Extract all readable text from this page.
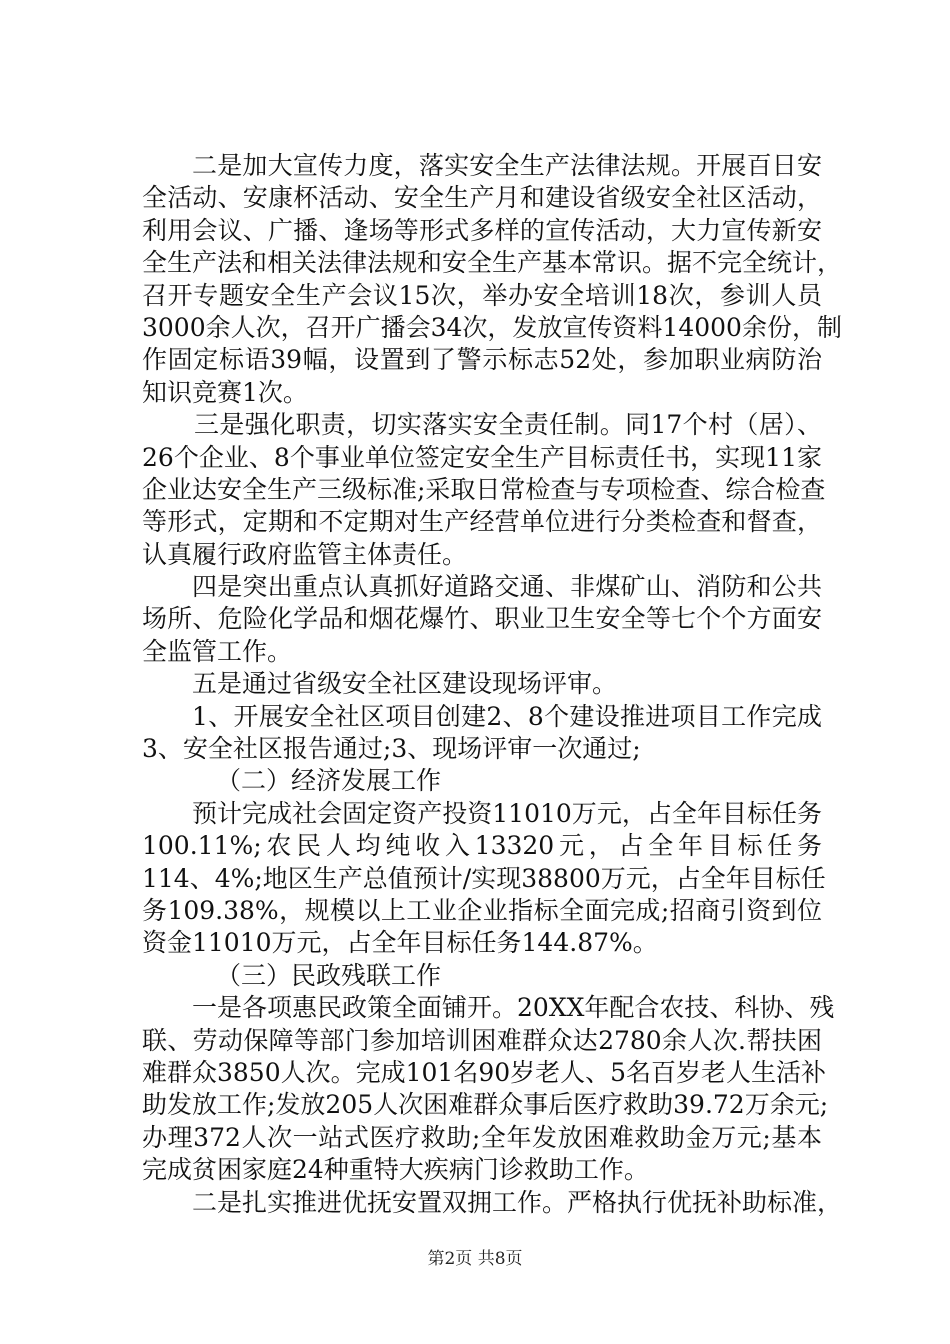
二是加大宣传力度，落实安全生产法律法规。开展百日安
全活动、安康杯活动、安全生产月和建设省级安全社区活动，
利用会议、广播、逢场等形式多样的宣传活动，大力宣传新安
全生产法和相关法律法规和安全生产基本常识。据不完全统计，
召开专题安全生产会议15次，举办安全培训18次，参训人员
3000余人次，召开广播会34次，发放宣传资料14000余份，制
作固定标语39幅，设置到了警示标志52处，参加职业病防治
知识竞赛1次。
三是强化职责，切实落实安全责任制。同17个村（居）、
26个企业、8个事业单位签定安全生产目标责任书，实现11家
企业达安全生产三级标准;采取日常检查与专项检查、综合检查
等形式，定期和不定期对生产经营单位进行分类检查和督查，
认真履行政府监管主体责任。
四是突出重点认真抓好道路交通、非煤矿山、消防和公共
场所、危险化学品和烟花爆竹、职业卫生安全等七个个方面安
全监管工作。
五是通过省级安全社区建设现场评审。
1、开展安全社区项目创建2、8个建设推进项目工作完成
3、安全社区报告通过;3、现场评审一次通过;
（二）经济发展工作
预计完成社会固定资产投资11010万元，占全年目标任务
100.11%;农民人均纯收入13320元，占全年目标任务
114、4%;地区生产总值预计/实现38800万元，占全年目标任
务109.38%，规模以上工业企业指标全面完成;招商引资到位
资金11010万元，占全年目标任务144.87%。
（三）民政残联工作
一是各项惠民政策全面铺开。20XX年配合农技、科协、残
联、劳动保障等部门参加培训困难群众达2780余人次.帮扶困
难群众3850人次。完成101名90岁老人、5名百岁老人生活补
助发放工作;发放205人次困难群众事后医疗救助39.72万余元;
办理372人次一站式医疗救助;全年发放困难救助金万元;基本
完成贫困家庭24种重特大疾病门诊救助工作。
二是扎实推进优抚安置双拥工作。严格执行优抚补助标准，
第2页 共8页
